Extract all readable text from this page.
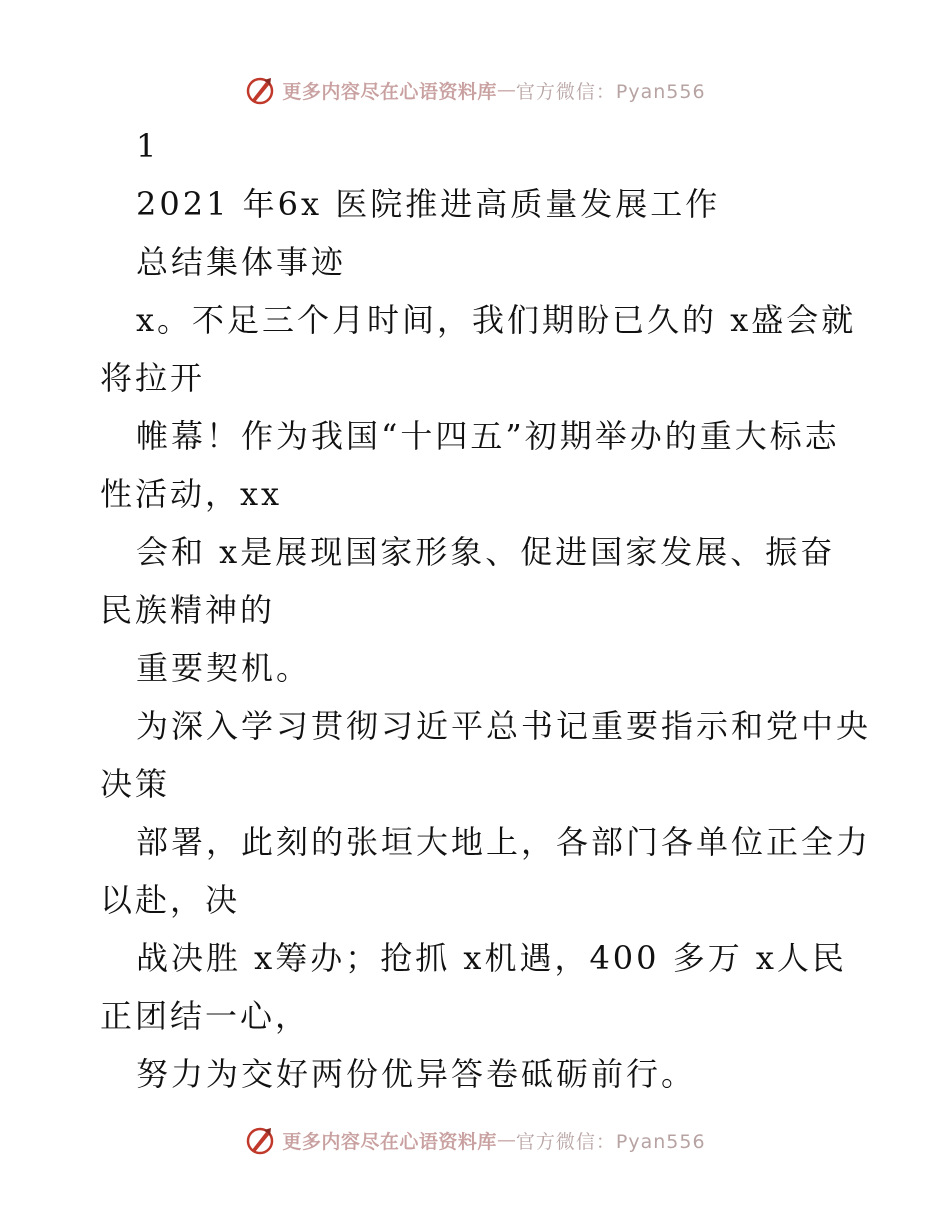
更多内容尽在心语资料库 — 官方微信：Pyan556
1
2021 年6x 医院推进高质量发展工作
总结集体事迹
x。不足三个月时间，我们期盼已久的 x盛会就
将拉开
帷幕！作为我国“十四五”初期举办的重大标志
性活动，xx
会和 x是展现国家形象、促进国家发展、振奋
民族精神的
重要契机。
为深入学习贯彻习近平总书记重要指示和党中央
决策
部署，此刻的张垣大地上，各部门各单位正全力
以赴，决
战决胜 x筹办；抢抓 x机遇，400 多万 x人民
正团结一心，
努力为交好两份优异答卷砥砺前行。
更多内容尽在心语资料库 — 官方微信：Pyan556
